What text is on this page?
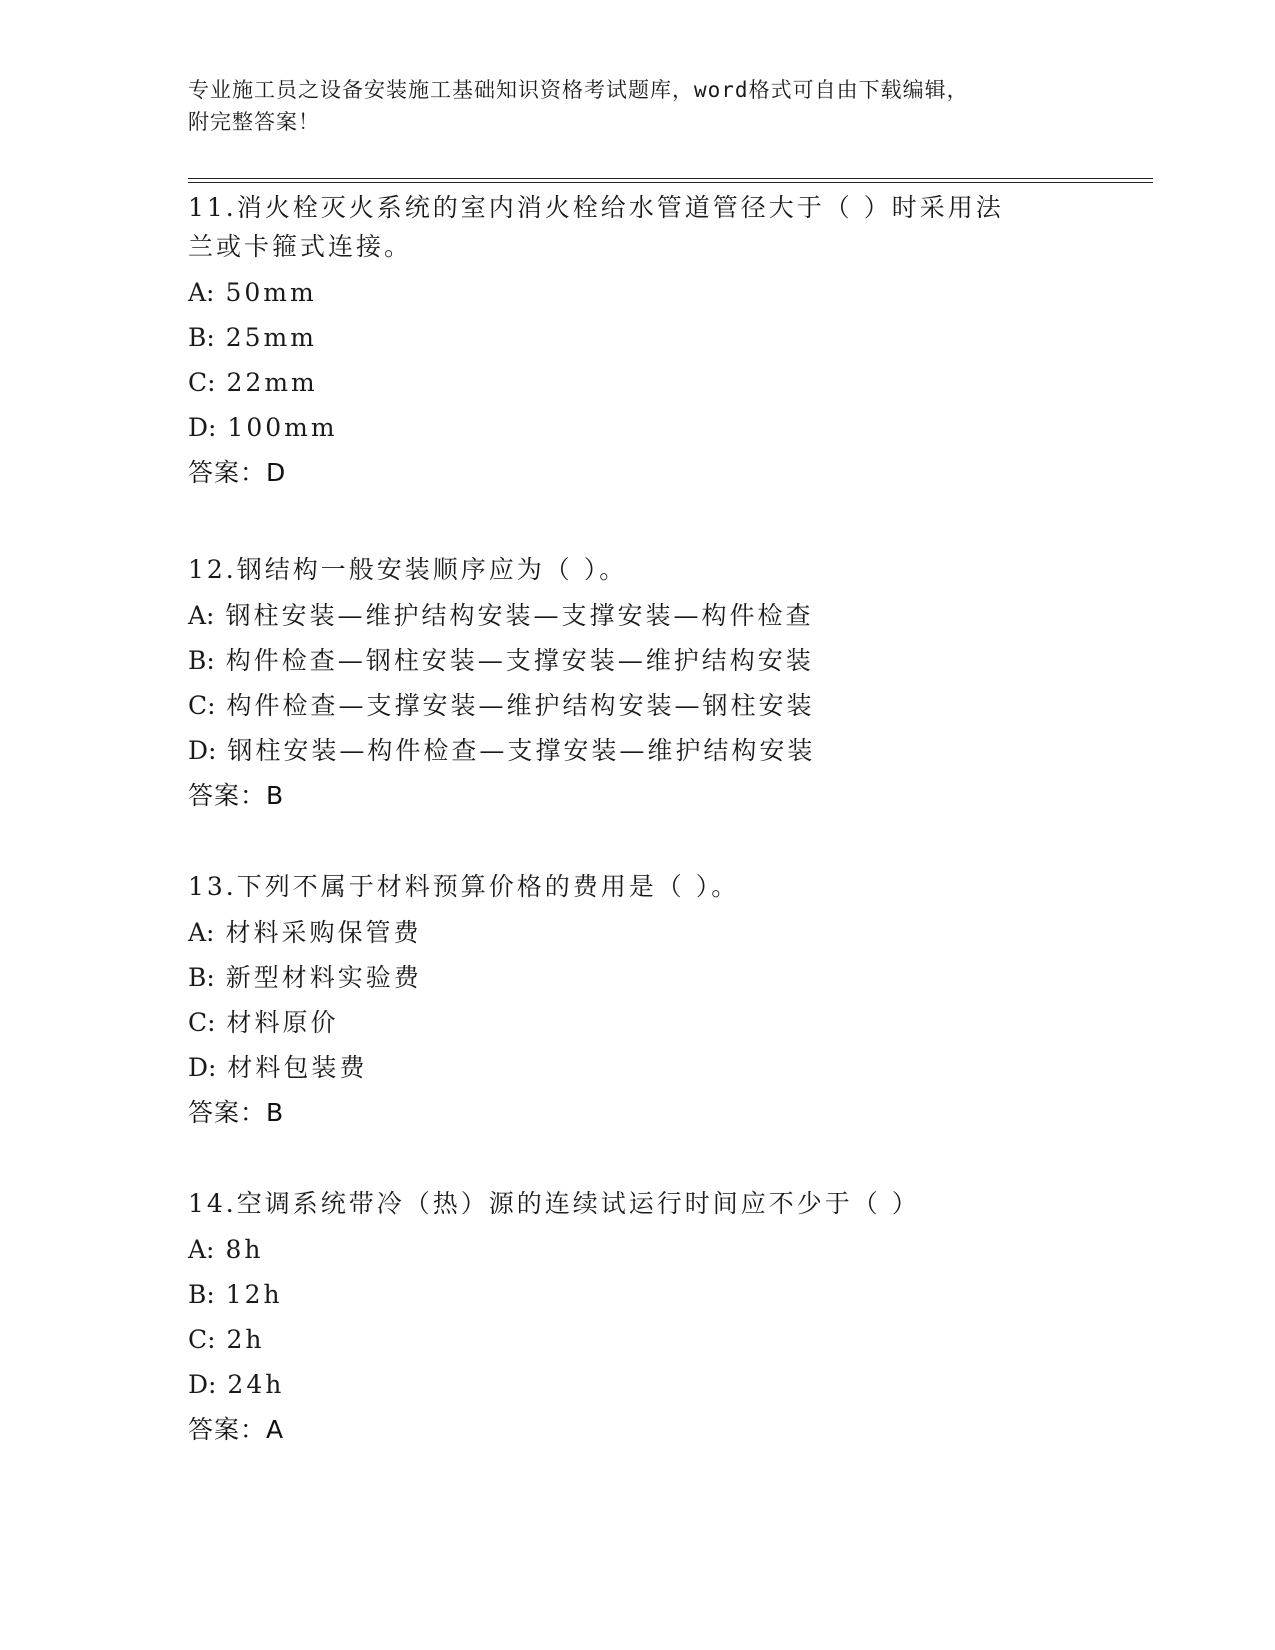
专业施工员之设备安装施工基础知识资格考试题库，word格式可自由下载编辑，
附完整答案！
11.消火栓灭火系统的室内消火栓给水管道管径大于（ ）时采用法兰或卡箍式连接。
A: 50mm
B: 25mm
C: 22mm
D: 100mm
答案：D
12.钢结构一般安装顺序应为（ ）。
A: 钢柱安装—维护结构安装—支撑安装—构件检查
B: 构件检查—钢柱安装—支撑安装—维护结构安装
C: 构件检查—支撑安装—维护结构安装—钢柱安装
D: 钢柱安装—构件检查—支撑安装—维护结构安装
答案：B
13.下列不属于材料预算价格的费用是（ ）。
A: 材料采购保管费
B: 新型材料实验费
C: 材料原价
D: 材料包装费
答案：B
14.空调系统带冷（热）源的连续试运行时间应不少于（ ）
A: 8h
B: 12h
C: 2h
D: 24h
答案：A
